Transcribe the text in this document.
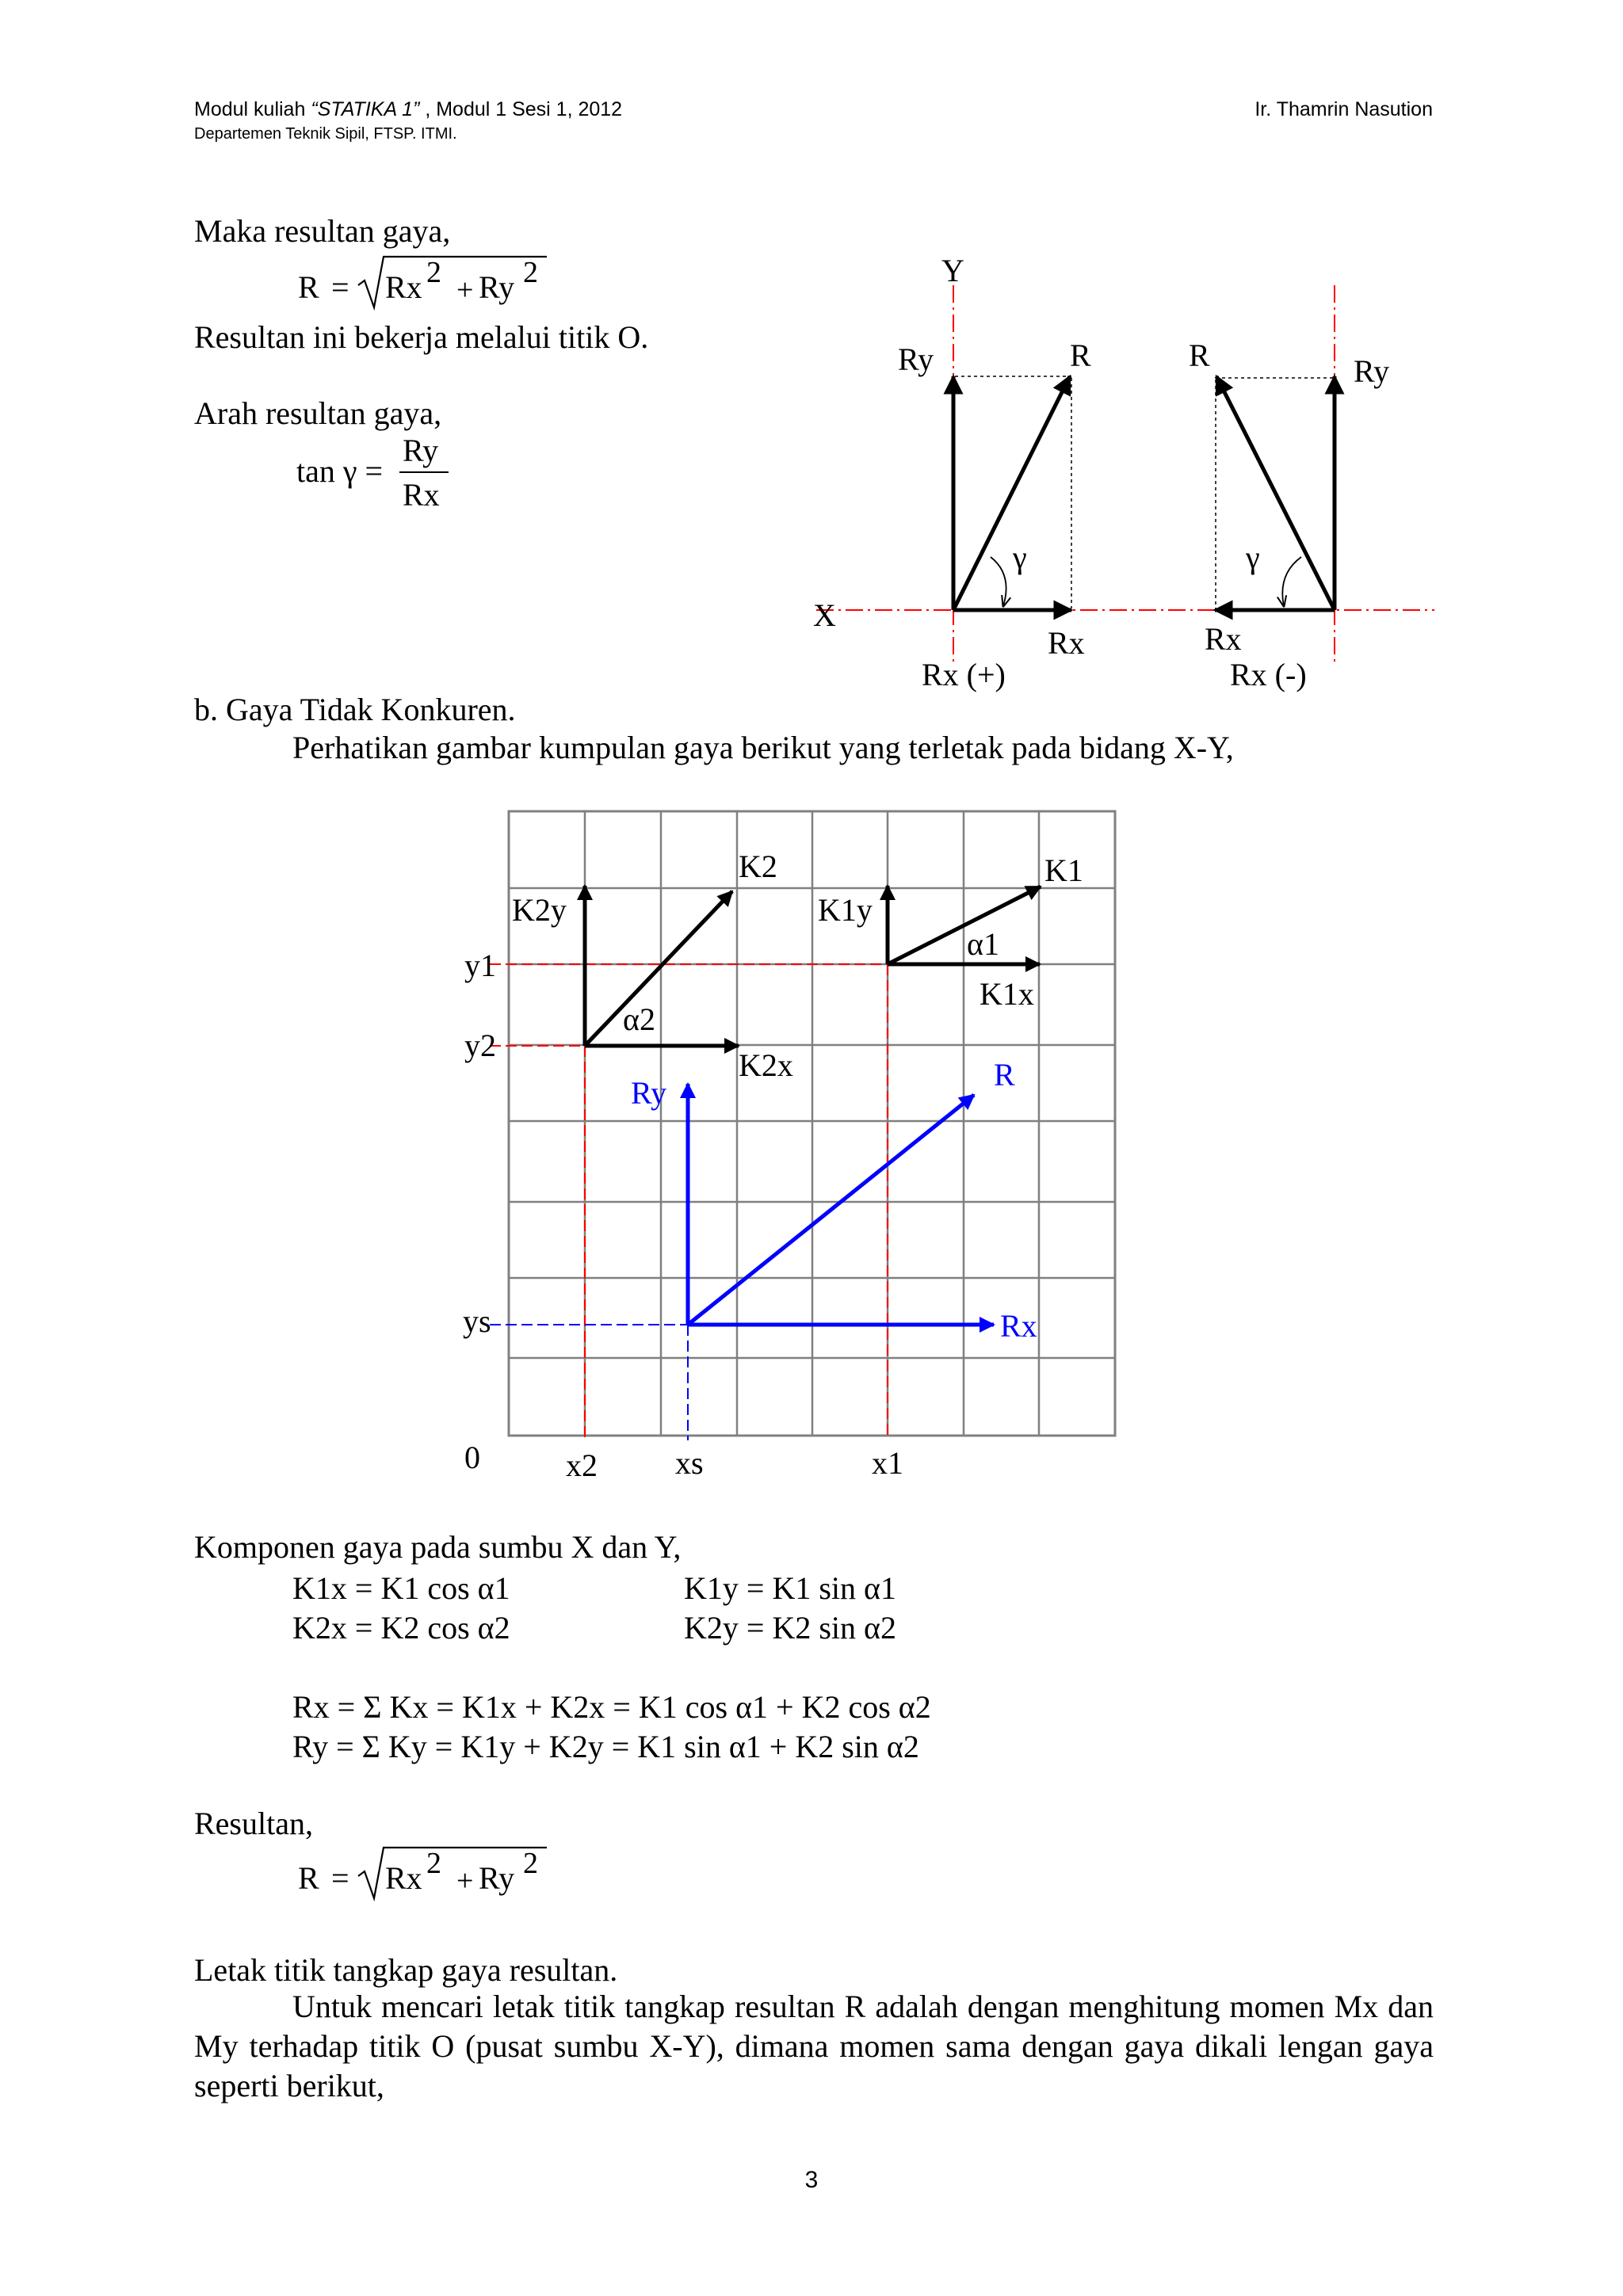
Modul kuliah “STATIKA 1” , Modul 1 Sesi 1, 2012
Departemen Teknik Sipil, FTSP. ITMI.
Ir. Thamrin Nasution
Maka resultan gaya,
R = Rx 2
+ Ry 2
Resultan ini bekerja melalui titik O.
Arah resultan gaya,
tan γ =
Ry
Rx
Y
X
Ry	R
γ
Rx
Rx (+)
R	Ry
γ
Rx
Rx (-)
b. Gaya Tidak Konkuren.
Perhatikan gambar kumpulan gaya berikut yang terletak pada bidang X-Y,
K2	K1
K2y	K1y
α1
K1x
α2
K2x
Ry
R
Rx
y1
y2
ys
0	x2 xs	x1
Komponen gaya pada sumbu X dan Y,
K1x = K1 cos α1	K1y = K1 sin α1
K2x = K2 cos α2	K2y = K2 sin α2
Rx = Σ Kx = K1x + K2x = K1 cos α1 + K2 cos α2
Ry = Σ Ky = K1y + K2y = K1 sin α1 + K2 sin α2
Resultan,
R = Rx 2
+ Ry 2
Letak titik tangkap gaya resultan.
Untuk mencari letak titik tangkap resultan R adalah dengan menghitung momen Mx dan My terhadap titik O (pusat sumbu X-Y), dimana momen sama dengan gaya dikali lengan gaya seperti berikut,
3
